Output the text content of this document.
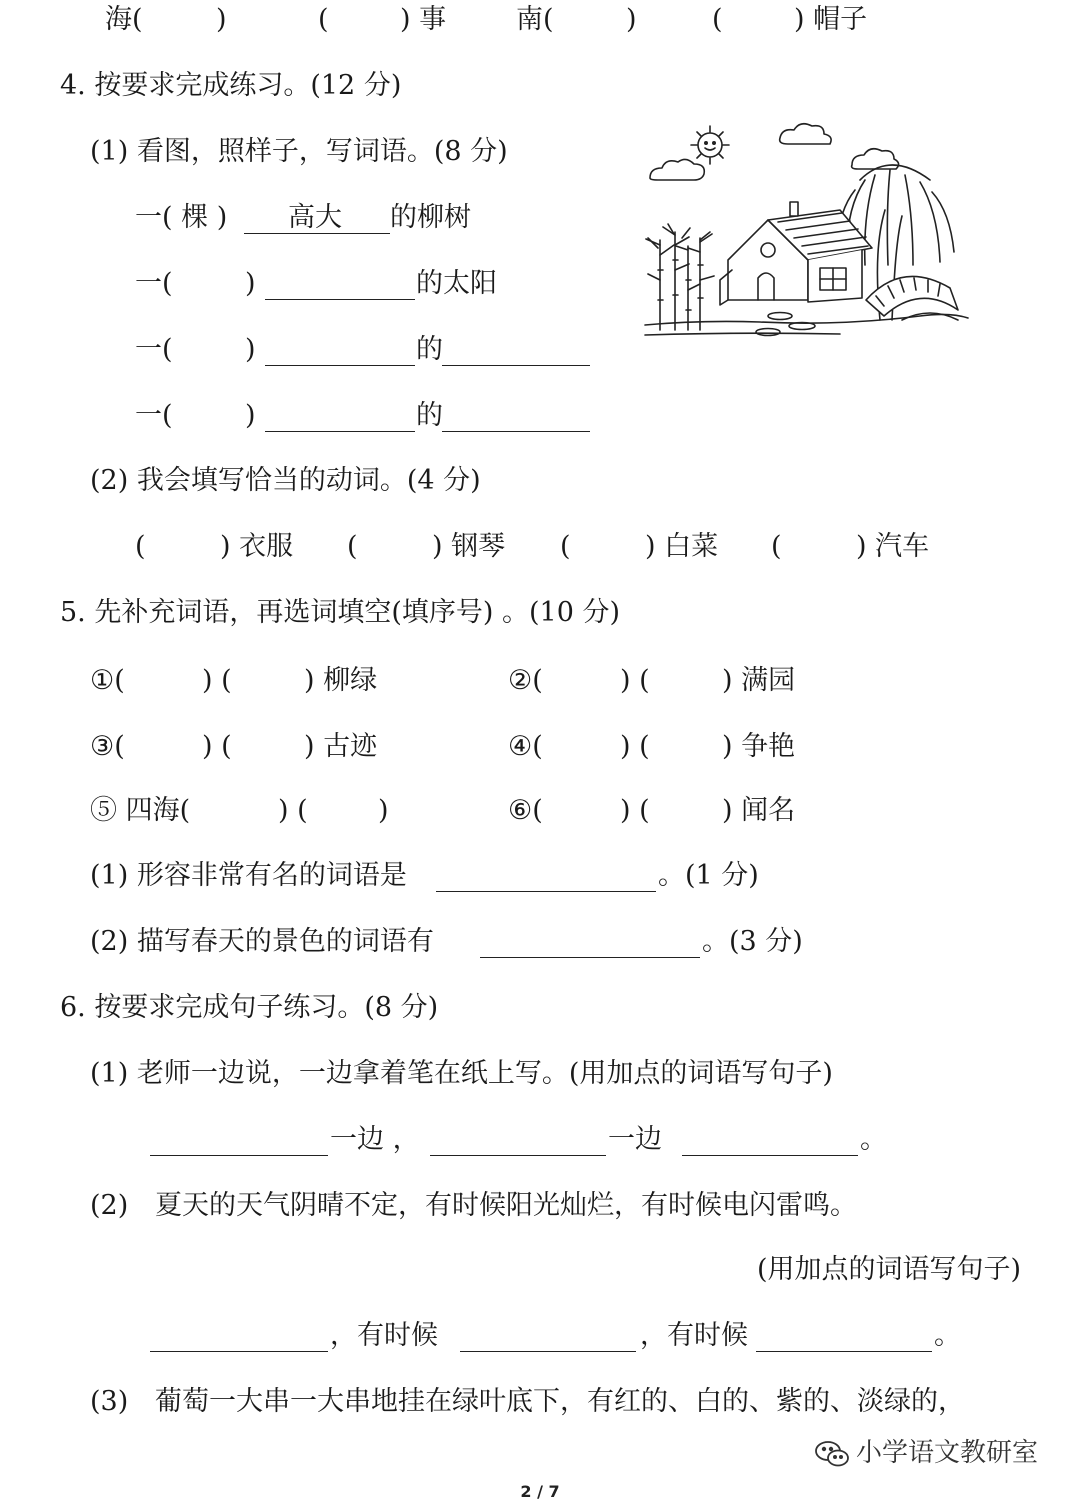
海(	)	(	) 事	南(	)	(	) 帽子
4. 按要求完成练习。(12 分)
(1) 看图，照样子，写词语。(8 分)
一( 棵 ) 高大 的柳树
一(	)	的太阳
一(	)	的
一(	)	的
(2) 我会填写恰当的动词。(4 分)
(	) 衣服 (	) 钢琴 (	) 白菜 (	) 汽车
5. 先补充词语，再选词填空(填序号) 。(10 分)
①(	) (	) 柳绿	②(	) (	) 满园
③(	) (	) 古迹	④(	) (	) 争艳
⑤ 四海(	) (	)	⑥(	) (	) 闻名
(1) 形容非常有名的词语是	。(1 分)
(2) 描写春天的景色的词语有	。(3 分)
6. 按要求完成句子练习。(8 分)
(1) 老师一边说，一边拿着笔在纸上写。(用加点的词语写句子)
一边 ，	一边	。
(2) 夏天的天气阴晴不定，有时候阳光灿烂，有时候电闪雷鸣。
(用加点的词语写句子)
，有时候	，有时候	。
(3) 葡萄一大串一大串地挂在绿叶底下，有红的、白的、紫的、淡绿的，
小学语文教研室
2 / 7
